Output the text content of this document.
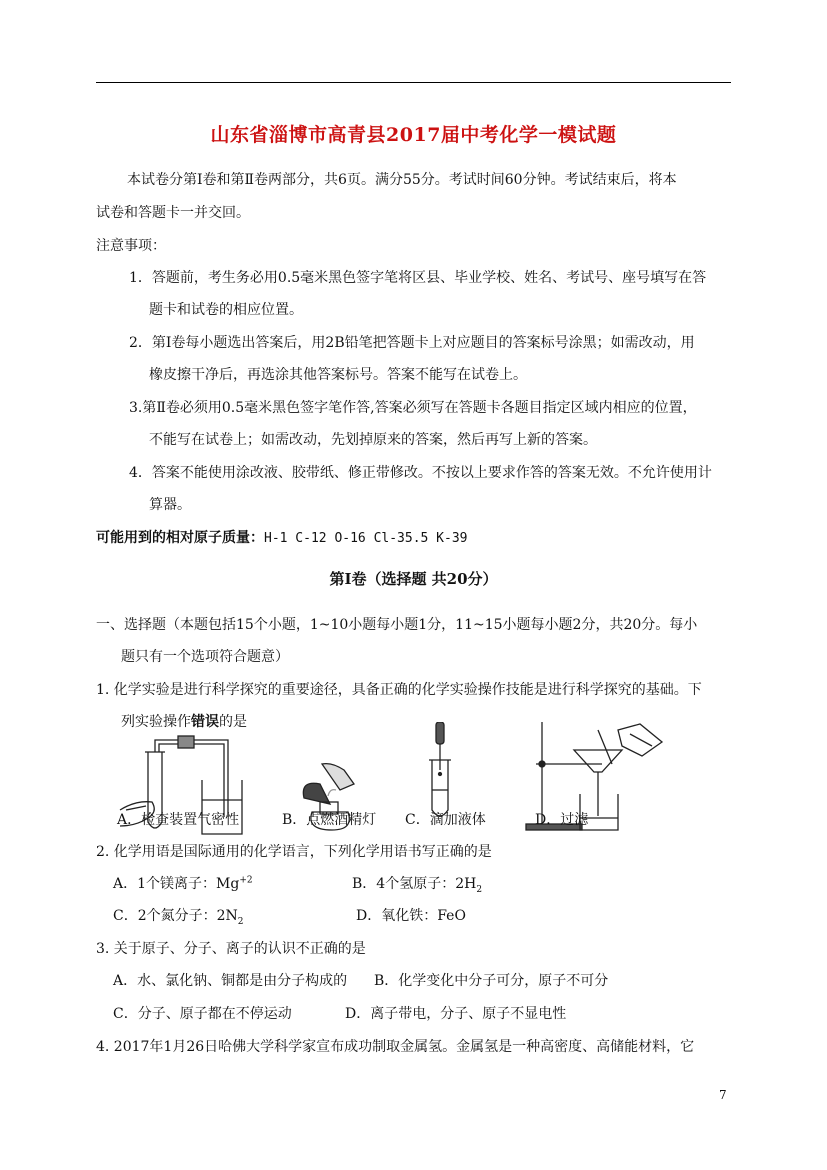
山东省淄博市高青县2017届中考化学一模试题
本试卷分第Ⅰ卷和第Ⅱ卷两部分，共6页。满分55分。考试时间60分钟。考试结束后，将本
试卷和答题卡一并交回。
注意事项：
1．答题前，考生务必用0.5毫米黑色签字笔将区县、毕业学校、姓名、考试号、座号填写在答
题卡和试卷的相应位置。
2．第Ⅰ卷每小题选出答案后，用2B铅笔把答题卡上对应题目的答案标号涂黑；如需改动，用
橡皮擦干净后，再选涂其他答案标号。答案不能写在试卷上。
3.第Ⅱ卷必须用0.5毫米黑色签字笔作答,答案必须写在答题卡各题目指定区域内相应的位置，
不能写在试卷上；如需改动，先划掉原来的答案，然后再写上新的答案。
4．答案不能使用涂改液、胶带纸、修正带修改。不按以上要求作答的答案无效。不允许使用计
算器。
可能用到的相对原子质量：H-1 C-12 O-16 Cl-35.5 K-39
第Ⅰ卷（选择题 共20分）
一、选择题（本题包括15个小题，1~10小题每小题1分，11~15小题每小题2分，共20分。每小
题只有一个选项符合题意）
1. 化学实验是进行科学探究的重要途径，具备正确的化学实验操作技能是进行科学探究的基础。下
列实验操作错误的是
A．检查装置气密性	B．点燃酒精灯 C．滴加液体	D．过滤
2. 化学用语是国际通用的化学语言，下列化学用语书写正确的是
A．1个镁离子：$Mg^{+2}$	B．4个氢原子：$2H_2$
C．2个氮分子：$2N_2$	D．氧化铁：FeO
3. 关于原子、分子、离子的认识不正确的是
A．水、氯化钠、铜都是由分子构成的 B．化学变化中分子可分，原子不可分
C．分子、原子都在不停运动	D．离子带电，分子、原子不显电性
4. 2017年1月26日哈佛大学科学家宣布成功制取金属氢。金属氢是一种高密度、高储能材料，它
7
